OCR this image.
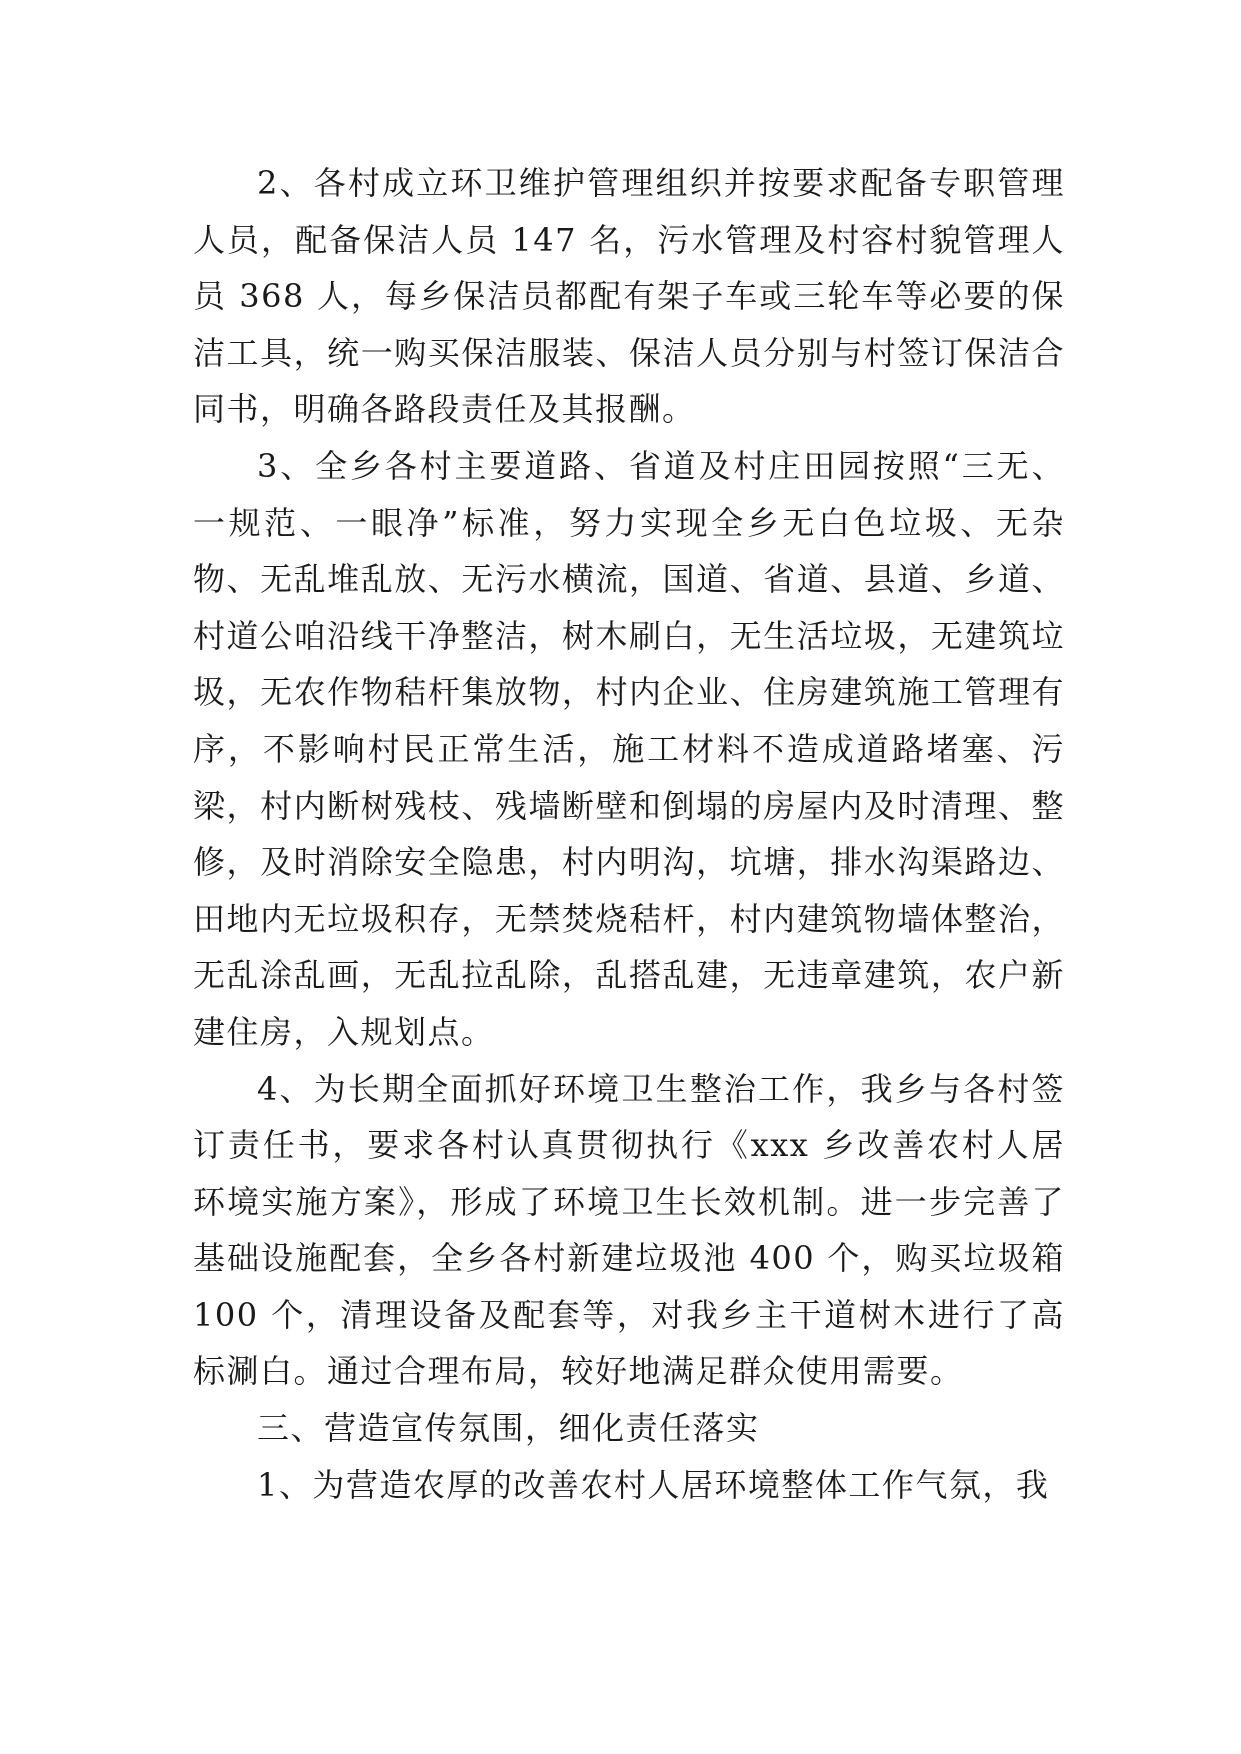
2、各村成立环卫维护管理组织并按要求配备专职管理人员，配备保洁人员 147 名，污水管理及村容村貌管理人员 368 人，每乡保洁员都配有架子车或三轮车等必要的保洁工具，统一购买保洁服装、保洁人员分别与村签订保洁合同书，明确各路段责任及其报酬。

3、全乡各村主要道路、省道及村庄田园按照“三无、一规范、一眼净”标准，努力实现全乡无白色垃圾、无杂物、无乱堆乱放、无污水横流，国道、省道、县道、乡道、村道公咱沿线干净整洁，树木刷白，无生活垃圾，无建筑垃圾，无农作物秸杆集放物，村内企业、住房建筑施工管理有序，不影响村民正常生活，施工材料不造成道路堵塞、污梁，村内断树残枝、残墙断壁和倒塌的房屋内及时清理、整修，及时消除安全隐患，村内明沟，坑塘，排水沟渠路边、田地内无垃圾积存，无禁焚烧秸杆，村内建筑物墙体整治，无乱涂乱画，无乱拉乱除，乱搭乱建，无违章建筑，农户新建住房，入规划点。

4、为长期全面抓好环境卫生整治工作，我乡与各村签订责任书，要求各村认真贯彻执行《xxx 乡改善农村人居环境实施方案》，形成了环境卫生长效机制。进一步完善了基础设施配套，全乡各村新建垃圾池 400 个，购买垃圾箱 100 个，清理设备及配套等，对我乡主干道树木进行了高标涮白。通过合理布局，较好地满足群众使用需要。

三、营造宣传氛围，细化责任落实

1、为营造农厚的改善农村人居环境整体工作气氛，我
